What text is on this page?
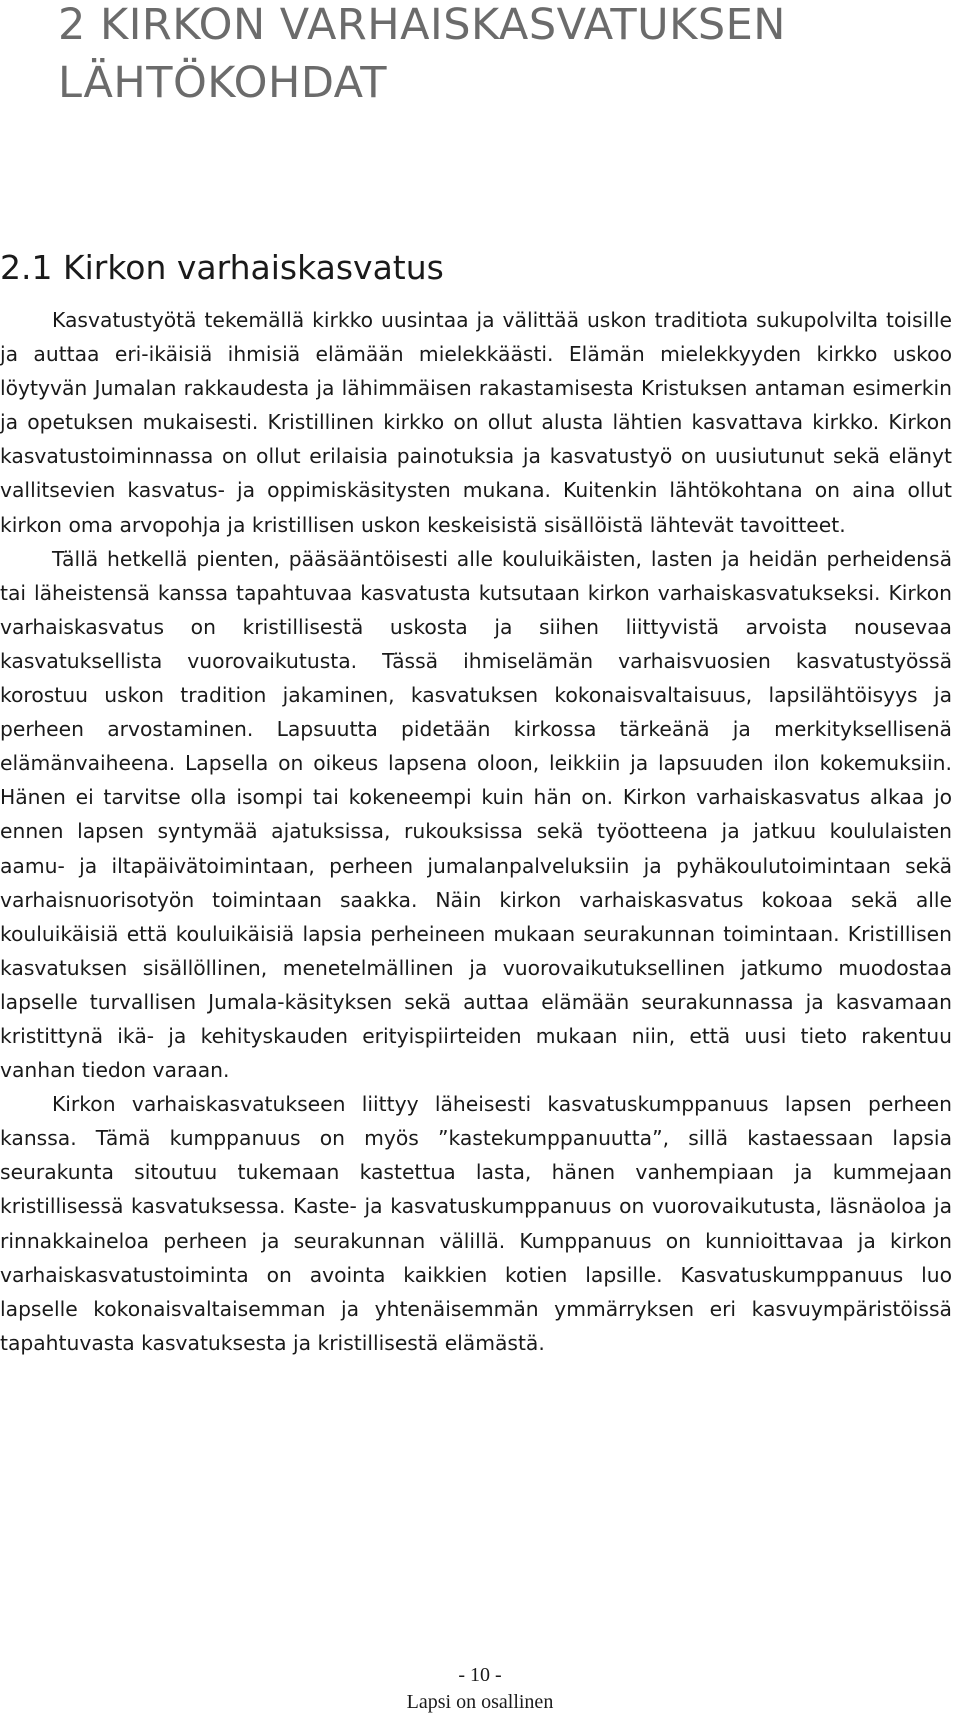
2 KIRKON VARHAISKASVATUKSEN LÄHTÖKOHDAT
2.1 Kirkon varhaiskasvatus

Kasvatustyötä tekemällä kirkko uusintaa ja välittää uskon traditiota sukupolvilta toisille ja auttaa eri-ikäisiä ihmisiä elämään mielekkäästi. Elämän mielekkyyden kirkko uskoo löytyvän Jumalan rakkaudesta ja lähimmäisen rakastamisesta Kristuksen antaman esimerkin ja opetuksen mukaisesti. Kristillinen kirkko on ollut alusta lähtien kasvattava kirkko. Kirkon kasvatustoiminnassa on ollut erilaisia painotuksia ja kasvatustyö on uusiutunut sekä elänyt vallitsevien kasvatus- ja oppimiskäsitysten mukana. Kuitenkin lähtökohtana on aina ollut kirkon oma arvopohja ja kristillisen uskon keskeisistä sisällöistä lähtevät tavoitteet.

Tällä hetkellä pienten, pääsääntöisesti alle kouluikäisten, lasten ja heidän perheidensä tai läheistensä kanssa tapahtuvaa kasvatusta kutsutaan kirkon varhaiskasvatukseksi. Kirkon varhaiskasvatus on kristillisestä uskosta ja siihen liittyvistä arvoista nousevaa kasvatuksellista vuorovaikutusta. Tässä ihmiselämän varhaisvuosien kasvatustyössä korostuu uskon tradition jakaminen, kasvatuksen kokonaisvaltaisuus, lapsilähtöisyys ja perheen arvostaminen. Lapsuutta pidetään kirkossa tärkeänä ja merkityksellisenä elämänvaiheena. Lapsella on oikeus lapsena oloon, leikkiin ja lapsuuden ilon kokemuksiin. Hänen ei tarvitse olla isompi tai kokeneempi kuin hän on. Kirkon varhaiskasvatus alkaa jo ennen lapsen syntymää ajatuksissa, rukouksissa sekä työotteena ja jatkuu koululaisten aamu- ja iltapäivätoimintaan, perheen jumalanpalveluksiin ja pyhäkoulutoimintaan sekä varhaisnuorisotyön toimintaan saakka. Näin kirkon varhaiskasvatus kokoaa sekä alle kouluikäisiä että kouluikäisiä lapsia perheineen mukaan seurakunnan toimintaan. Kristillisen kasvatuksen sisällöllinen, menetelmällinen ja vuorovaikutuksellinen jatkumo muodostaa lapselle turvallisen Jumala-käsityksen sekä auttaa elämään seurakunnassa ja kasvamaan kristittynä ikä- ja kehityskauden erityispiirteiden mukaan niin, että uusi tieto rakentuu vanhan tiedon varaan.

Kirkon varhaiskasvatukseen liittyy läheisesti kasvatuskumppanuus lapsen perheen kanssa. Tämä kumppanuus on myös ”kastekumppanuutta”, sillä kastaessaan lapsia seurakunta sitoutuu tukemaan kastettua lasta, hänen vanhempiaan ja kummejaan kristillisessä kasvatuksessa. Kaste- ja kasvatuskumppanuus on vuorovaikutusta, läsnäoloa ja rinnakkaineloa perheen ja seurakunnan välillä. Kumppanuus on kunnioittavaa ja kirkon varhaiskasvatustoiminta on avointa kaikkien kotien lapsille. Kasvatuskumppanuus luo lapselle kokonaisvaltaisemman ja yhtenäisemmän ymmärryksen eri kasvuympäristöissä tapahtuvasta kasvatuksesta ja kristillisestä elämästä.

- 10 -
Lapsi on osallinen
